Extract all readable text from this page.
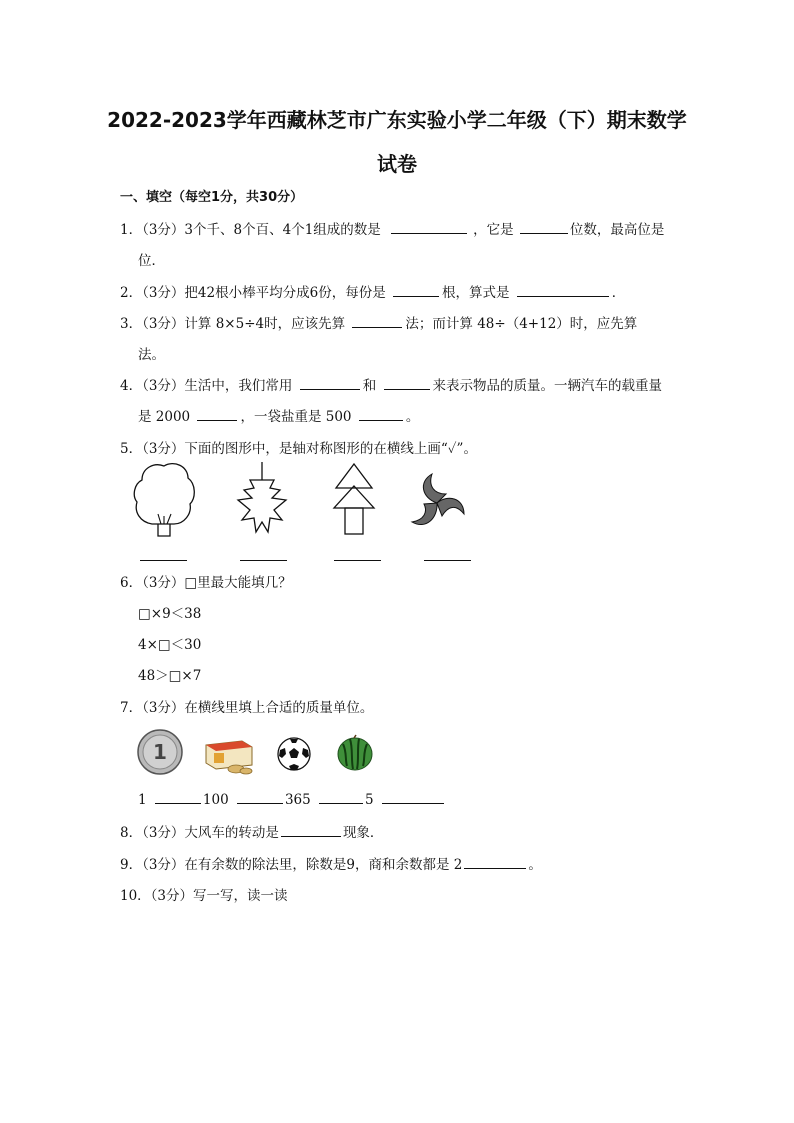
2022-2023学年西藏林芝市广东实验小学二年级（下）期末数学
试卷
一、填空（每空1分，共30分）
1．（3分）3个千、8个百、4个1组成的数是	，它是	位数，最高位是
位．
2．（3分）把42根小棒平均分成6份，每份是	根，算式是	．
3．（3分）计算 8×5÷4时，应该先算	法；而计算 48÷（4+12）时，应先算
法。
4．（3分）生活中，我们常用	和	来表示物品的质量。一辆汽车的载重量
是 2000	，一袋盐重是 500	。
5．（3分）下面的图形中，是轴对称图形的在横线上画“✓”。
6．（3分）□里最大能填几？
□×9＜38
4×□＜30
48＞□×7
7．（3分）在横线里填上合适的质量单位。
1
1	100	365	5
8．（3分）大风车的转动是	现象．
9．（3分）在有余数的除法里，除数是9，商和余数都是 2	。
10．（3分）写一写，读一读
